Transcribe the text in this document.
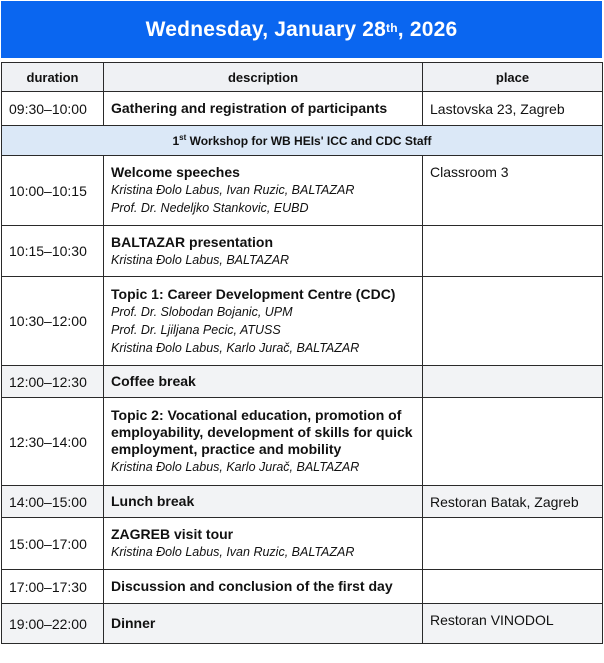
Wednesday, January 28th , 2026
duration	description	place
09:30–10:00	Gathering and registration of participants	Lastovska 23, Zagreb
1st Workshop for WB HEIs' ICC and CDC Staff		
10:00–10:15	Welcome speeches
Kristina Đolo Labus, Ivan Ruzic, BALTAZAR
Prof. Dr. Nedeljko Stankovic, EUBD	Classroom 3
10:15–10:30	BALTAZAR presentation
Kristina Đolo Labus, BALTAZAR	

10:30–12:00	Topic 1: Career Development Centre (CDC)
Prof. Dr. Slobodan Bojanic, UPM
Prof. Dr. Ljiljana Pecic, ATUSS
Kristina Đolo Labus, Karlo Jurač, BALTAZAR	

12:00–12:30	Coffee break	

12:30–14:00	Topic 2: Vocational education, promotion of employability, development of skills for quick employment, practice and mobility
Kristina Đolo Labus, Karlo Jurač, BALTAZAR	

14:00–15:00	Lunch break	Restoran Batak, Zagreb
15:00–17:00	ZAGREB visit tour
Kristina Đolo Labus, Ivan Ruzic, BALTAZAR	

17:00–17:30	Discussion and conclusion of the first day	

19:00–22:00	Dinner	Restoran VINODOL
